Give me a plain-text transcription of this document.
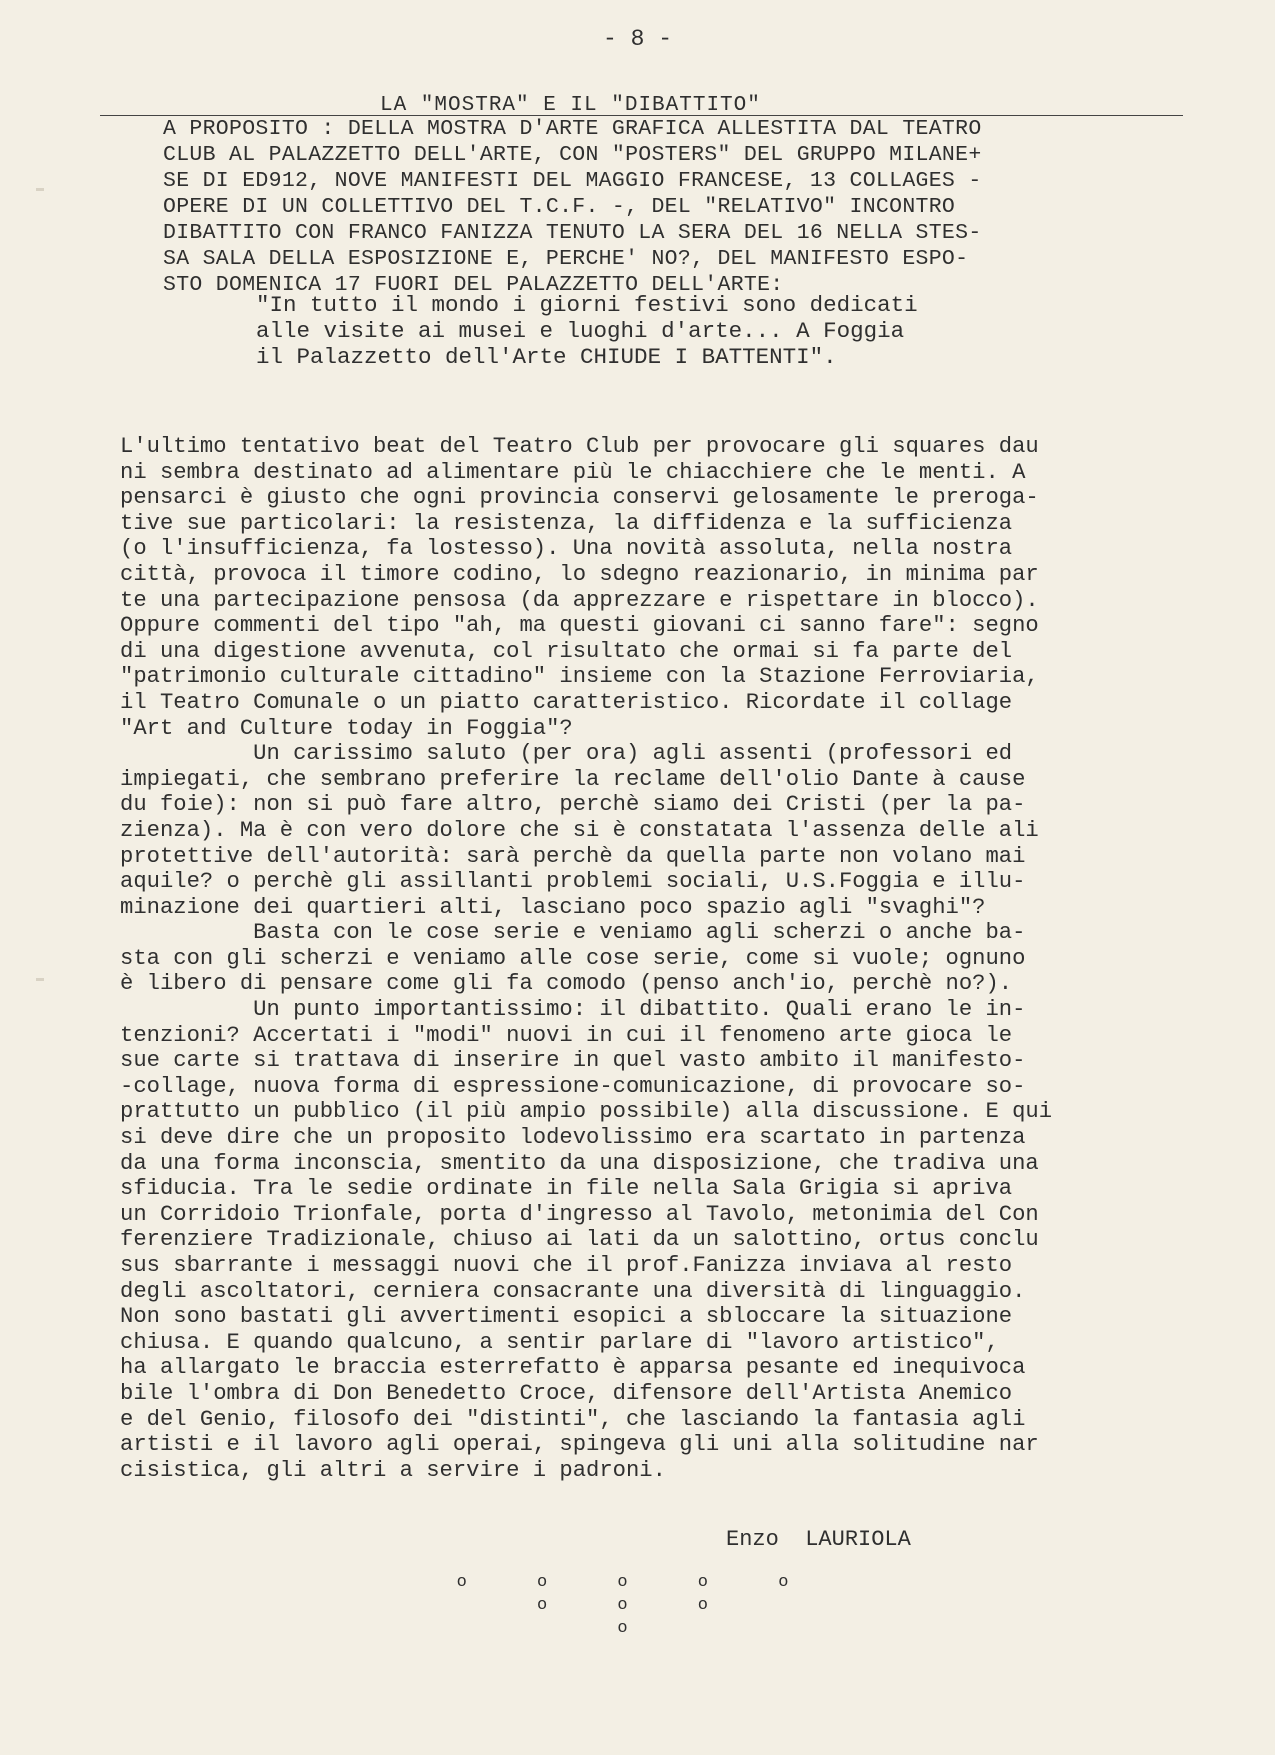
- 8 -
LA "MOSTRA" E IL "DIBATTITO"
A PROPOSITO : DELLA MOSTRA D'ARTE GRAFICA ALLESTITA DAL TEATRO
CLUB AL PALAZZETTO DELL'ARTE, CON "POSTERS" DEL GRUPPO MILANE+
SE DI ED912, NOVE MANIFESTI DEL MAGGIO FRANCESE, 13 COLLAGES -
OPERE DI UN COLLETTIVO DEL T.C.F. -, DEL "RELATIVO" INCONTRO
DIBATTITO CON FRANCO FANIZZA TENUTO LA SERA DEL 16 NELLA STES-
SA SALA DELLA ESPOSIZIONE E, PERCHE' NO?, DEL MANIFESTO ESPO-
STO DOMENICA 17 FUORI DEL PALAZZETTO DELL'ARTE:
"In tutto il mondo i giorni festivi sono dedicati
alle visite ai musei e luoghi d'arte... A Foggia
il Palazzetto dell'Arte CHIUDE I BATTENTI".
L'ultimo tentativo beat del Teatro Club per provocare gli squares dau
ni sembra destinato ad alimentare più le chiacchiere che le menti. A
pensarci è giusto che ogni provincia conservi gelosamente le preroga-
tive sue particolari: la resistenza, la diffidenza e la sufficienza
(o l'insufficienza, fa lostesso). Una novità assoluta, nella nostra
città, provoca il timore codino, lo sdegno reazionario, in minima par
te una partecipazione pensosa (da apprezzare e rispettare in blocco).
Oppure commenti del tipo "ah, ma questi giovani ci sanno fare": segno
di una digestione avvenuta, col risultato che ormai si fa parte del
"patrimonio culturale cittadino" insieme con la Stazione Ferroviaria,
il Teatro Comunale o un piatto caratteristico. Ricordate il collage
"Art and Culture today in Foggia"?
Un carissimo saluto (per ora) agli assenti (professori ed
impiegati, che sembrano preferire la reclame dell'olio Dante à cause
du foie): non si può fare altro, perchè siamo dei Cristi (per la pa-
zienza). Ma è con vero dolore che si è constatata l'assenza delle ali
protettive dell'autorità: sarà perchè da quella parte non volano mai
aquile? o perchè gli assillanti problemi sociali, U.S.Foggia e illu-
minazione dei quartieri alti, lasciano poco spazio agli "svaghi"?
Basta con le cose serie e veniamo agli scherzi o anche ba-
sta con gli scherzi e veniamo alle cose serie, come si vuole; ognuno
è libero di pensare come gli fa comodo (penso anch'io, perchè no?).
Un punto importantissimo: il dibattito. Quali erano le in-
tenzioni? Accertati i "modi" nuovi in cui il fenomeno arte gioca le
sue carte si trattava di inserire in quel vasto ambito il manifesto-
-collage, nuova forma di espressione-comunicazione, di provocare so-
prattutto un pubblico (il più ampio possibile) alla discussione. E qui
si deve dire che un proposito lodevolissimo era scartato in partenza
da una forma inconscia, smentito da una disposizione, che tradiva una
sfiducia. Tra le sedie ordinate in file nella Sala Grigia si apriva
un Corridoio Trionfale, porta d'ingresso al Tavolo, metonimia del Con
ferenziere Tradizionale, chiuso ai lati da un salottino, ortus conclu
sus sbarrante i messaggi nuovi che il prof.Fanizza inviava al resto
degli ascoltatori, cerniera consacrante una diversità di linguaggio.
Non sono bastati gli avvertimenti esopici a sbloccare la situazione
chiusa. E quando qualcuno, a sentir parlare di "lavoro artistico",
ha allargato le braccia esterrefatto è apparsa pesante ed inequivoca
bile l'ombra di Don Benedetto Croce, difensore dell'Artista Anemico
e del Genio, filosofo dei "distinti", che lasciando la fantasia agli
artisti e il lavoro agli operai, spingeva gli uni alla solitudine nar
cisistica, gli altri a servire i padroni.
Enzo  LAURIOLA
o o o o o
o o o
o
